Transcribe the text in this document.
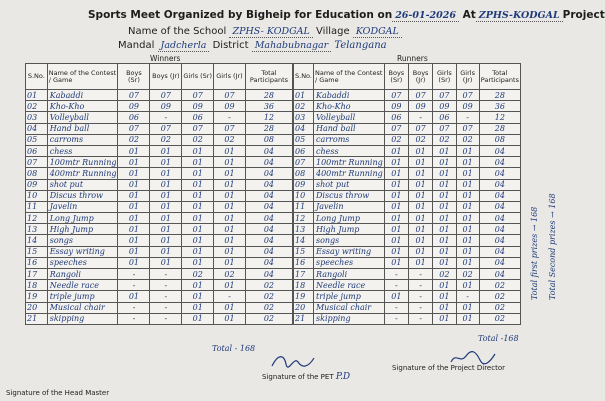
Sports Meet Organized by Bigheip for Education on 26-01-2026 At ZPHS-KODGAL Project
Name of the School ZPHS- KODGAL Village KODGAL
Mandal Jadcherla District Mahabubnagar Telangana
Winners	Runners
S.No.	Name of the Contest / Game	Boys (Sr)	Boys (Jr)	Girls (Sr)	Girls (Jr)	Total Participants
01	Kabaddi	07	07	07	07	28
02	Kho-Kho	09	09	09	09	36
03	Volleyball	06	-	06	-	12
04	Hand ball	07	07	07	07	28
05	carroms	02	02	02	02	08
06	chess	01	01	01	01	04
07	100mtr Running	01	01	01	01	04
08	400mtr Running	01	01	01	01	04
09	shot put	01	01	01	01	04
10	Discus throw	01	01	01	01	04
11	Javelin	01	01	01	01	04
12	Long Jump	01	01	01	01	04
13	High Jump	01	01	01	01	04
14	songs	01	01	01	01	04
15	Essay writing	01	01	01	01	04
16	speeches	01	01	01	01	04
17	Rangoli	-	-	02	02	04
18	Needle race	-	-	01	01	02
19	triple jump	01	-	01	-	02
20	Musical chair	-	-	01	01	02
21	skipping	-	-	01	01	02
S.No.	Name of the Contest / Game	Boys (Sr)	Boys (Jr)	Girls (Sr)	Girls (Jr)	Total Participants
01	Kabaddi	07	07	07	07	28
02	Kho-Kho	09	09	09	09	36
03	Volleyball	06	-	06	-	12
04	Hand ball	07	07	07	07	28
05	carroms	02	02	02	02	08
06	chess	01	01	01	01	04
07	100mtr Running	01	01	01	01	04
08	400mtr Running	01	01	01	01	04
09	shot put	01	01	01	01	04
10	Discus throw	01	01	01	01	04
11	Javelin	01	01	01	01	04
12	Long Jump	01	01	01	01	04
13	High Jump	01	01	01	01	04
14	songs	01	01	01	01	04
15	Essay writing	01	01	01	01	04
16	speeches	01	01	01	01	04
17	Rangoli	-	-	02	02	04
18	Needle race	-	-	01	01	02
19	triple jump	01	-	01	-	02
20	Musical chair	-	-	01	01	02
21	skipping	-	-	01	01	02
Total - 168
Total -168
Total first prizes → 168 Total Second prizes → 168
Signature of the Head Master
Signature of the PET P.D
Signature of the Project Director
